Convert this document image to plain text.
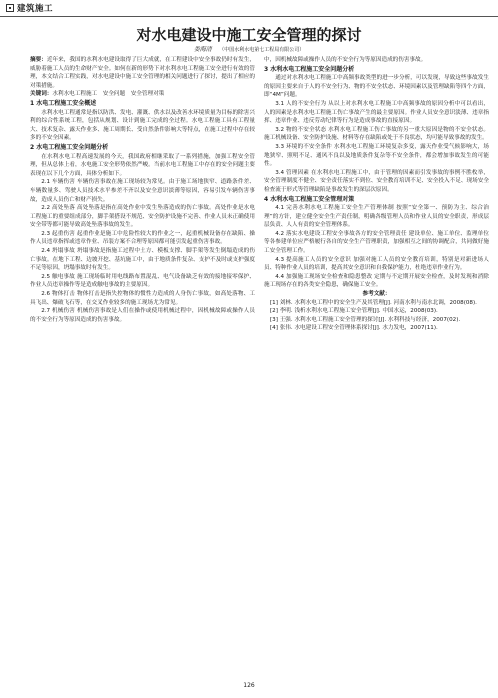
建筑施工
对水电建设中施工安全管理的探讨
娄海清 （中国水利水电第七工程局有限公司）

摘要：近年来，我国的水利水电建设取得了巨大成就，在工程建设中安全事故仍时有发生，威胁着施工人员的生命财产安全。如何在新的形势下对水利水电工程施工安全进行有效的管理，本文结合工程实践，对水电建设中施工安全管理的相关问题进行了探讨，提出了相应的对策措施。

关键词：水利水电工程施工　安全问题　安全管理对策

1 水电工程施工安全概述

水利水电工程通常是指以防洪、发电、灌溉、供水以及改善水环境质量为目标的除害兴利的综合性系统工程，包括从规划、设计到施工完成的全过程。水电工程施工具有工程量大、技术复杂、露天作业多、施工周期长、受自然条件影响大等特点，在施工过程中存在较多的不安全因素。

2 水电工程施工安全问题分析

在水利水电工程高速发展的今天，我国政府相继采取了一系列措施，加强工程安全管理，但从总体上看，水电施工安全形势依然严峻。当前水电工程施工中存在的安全问题主要表现在以下几个方面，具体分析如下。

2.1 车辆伤害 车辆伤害事故在施工现场较为常见。由于施工场地狭窄、道路条件差、车辆数量多、驾驶人员技术水平参差不齐以及安全意识淡薄等原因，容易引发车辆伤害事故，造成人员伤亡和财产损失。

2.2 高处坠落 高处坠落是指在高处作业中发生坠落造成的伤亡事故。高处作业是水电工程施工的重要组成部分，脚手架搭设不规范、安全防护设施不完善、作业人员未正确使用安全带等都可能导致高处坠落事故的发生。

2.3 起重伤害 起重作业是施工中危险性较大的作业之一，起重机械设备存在缺陷、操作人员违章指挥或违章作业、吊装方案不合理等原因都可能引发起重伤害事故。

2.4 坍塌事故 坍塌事故是指施工过程中土方、模板支撑、脚手架等发生倒塌造成的伤亡事故。在地下工程、边坡开挖、基坑施工中，由于地质条件复杂、支护不及时或支护强度不足等原因，坍塌事故时有发生。

2.5 触电事故 施工现场临时用电线路布置混乱、电气设备缺乏有效的接地接零保护、作业人员违章操作等是造成触电事故的主要原因。

2.6 物体打击 物体打击是指失控物体的惯性力造成的人身伤亡事故，如高处落物、工具飞出、爆破飞石等，在交叉作业较多的施工现场尤为常见。

2.7 机械伤害 机械伤害事故是人们在操作或使用机械过程中，因机械故障或操作人员的不安全行为等原因造成的伤害事故。

中，因机械故障或操作人员的不安全行为等原因造成的伤害事故。

3 水利水电工程施工安全问题分析

通过对水利水电工程施工中高频事故类型的进一步分析，可以发现，导致这些事故发生的原因主要来自于人的不安全行为、物的不安全状态、环境因素以及管理缺陷等四个方面，即“4M”问题。

3.1 人的不安全行为 从以上对水利水电工程施工中高频事故的原因分析中可以看出，人的因素是水利水电工程施工伤亡事故产生的最主要原因。作业人员安全意识淡薄、违章指挥、违章作业、违反劳动纪律等行为是造成事故的直接原因。

3.2 物的不安全状态 水利水电工程施工伤亡事故的另一重大原因是物的不安全状态。施工机械设备、安全防护设施、材料等存在缺陷或处于不良状态，均可能导致事故的发生。

3.3 环境的不安全条件 水利水电工程施工环境复杂多变，露天作业受气候影响大，场地狭窄、照明不足、通风不良以及地质条件复杂等不安全条件，都会增加事故发生的可能性。

3.4 管理因素 在水利水电工程施工中，由于管理的因素而引发事故的事例不胜枚举，安全管理制度不健全、安全责任落实不到位、安全教育培训不足、安全投入不足、现场安全检查流于形式等管理缺陷是事故发生的深层次原因。

4 水利水电工程施工安全管理对策

4.1 完善水利水电工程施工安全生产管理体制 按照“安全第一、预防为主、综合治理”的方针，建立健全安全生产责任制，明确各级管理人员和作业人员的安全职责，形成层层负责、人人有责的安全管理体系。

4.2 落实水电建设工程安全事故各方的安全管理责任 建设单位、施工单位、监理单位等各参建单位应严格履行各自的安全生产管理职责，加强相互之间的协调配合，共同做好施工安全管理工作。

4.3 提高施工人员的安全意识 加强对施工人员的安全教育培训，特别是对新进场人员、特种作业人员的培训，提高其安全意识和自我保护能力，杜绝违章作业行为。

4.4 加强施工现场安全检查和隐患整改 定期与不定期开展安全检查，及时发现和消除施工现场存在的各类安全隐患，确保施工安全。

参考文献：

[1] 刘林. 水利水电工程中的安全生产及其管理[J]. 河南水利与南水北调，2008(08).

[2] 李明. 浅析水利水电工程施工安全管理[J]. 中国水运，2008(03).

[3] 王强. 水利水电工程施工安全管理的探讨[J]. 水利科技与经济，2007(02).

[4] 张伟. 水电建设工程安全管理体系探讨[J]. 水力发电，2007(11).

126
